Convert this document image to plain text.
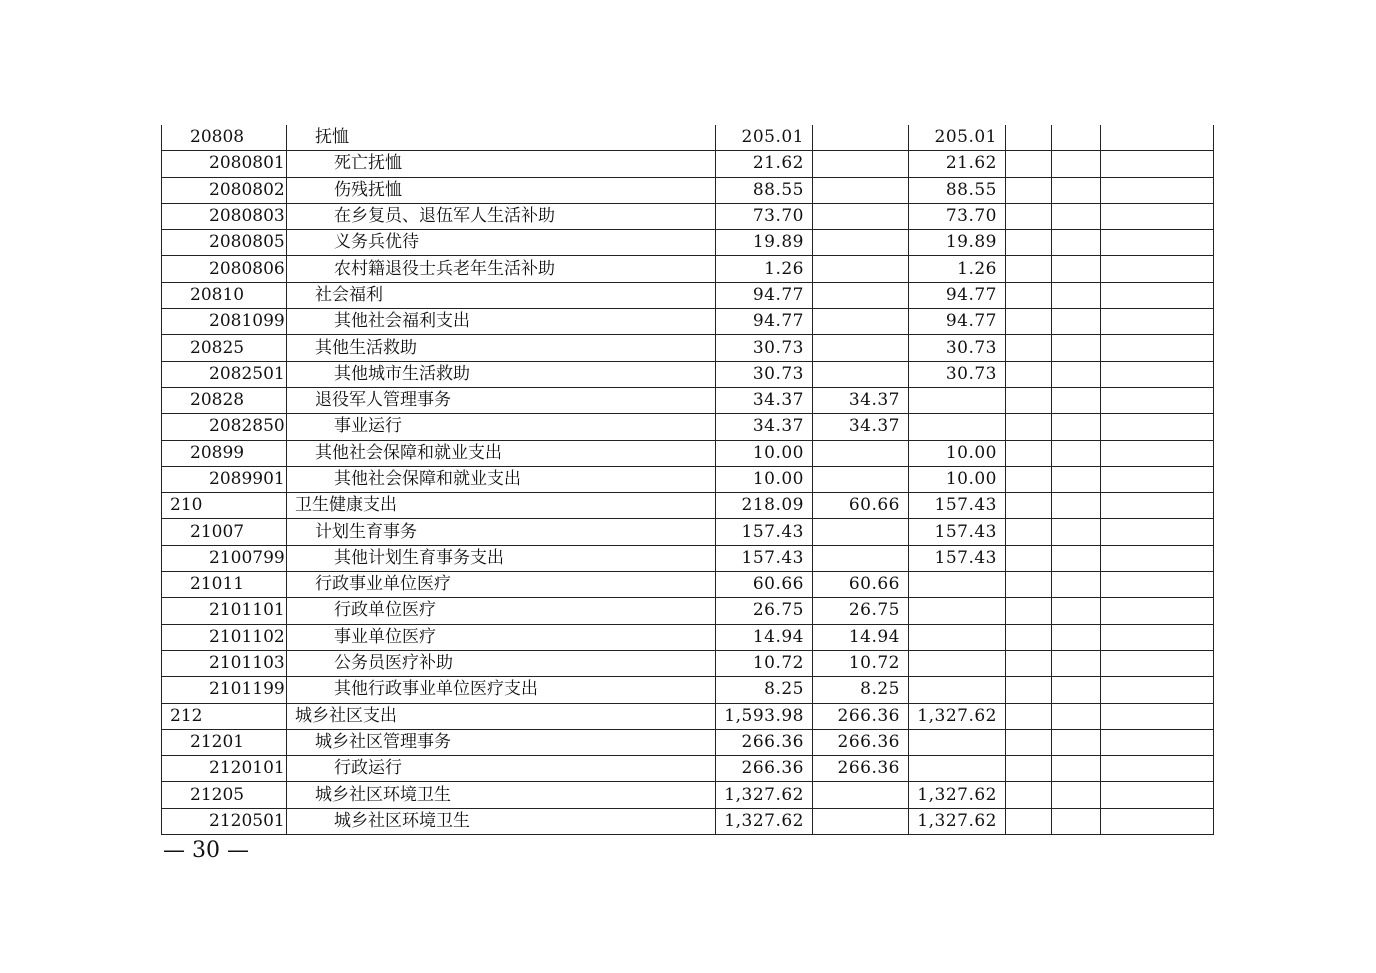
20808	抚恤	205.01		205.01			
2080801	死亡抚恤	21.62		21.62			
2080802	伤残抚恤	88.55		88.55			
2080803	在乡复员、退伍军人生活补助	73.70		73.70			
2080805	义务兵优待	19.89		19.89			
2080806	农村籍退役士兵老年生活补助	1.26		1.26			
20810	社会福利	94.77		94.77			
2081099	其他社会福利支出	94.77		94.77			
20825	其他生活救助	30.73		30.73			
2082501	其他城市生活救助	30.73		30.73			
20828	退役军人管理事务	34.37	34.37				
2082850	事业运行	34.37	34.37				
20899	其他社会保障和就业支出	10.00		10.00			
2089901	其他社会保障和就业支出	10.00		10.00			
210	卫生健康支出	218.09	60.66	157.43			
21007	计划生育事务	157.43		157.43			
2100799	其他计划生育事务支出	157.43		157.43			
21011	行政事业单位医疗	60.66	60.66				
2101101	行政单位医疗	26.75	26.75				
2101102	事业单位医疗	14.94	14.94				
2101103	公务员医疗补助	10.72	10.72				
2101199	其他行政事业单位医疗支出	8.25	8.25				
212	城乡社区支出	1,593.98	266.36	1,327.62			
21201	城乡社区管理事务	266.36	266.36				
2120101	行政运行	266.36	266.36				
21205	城乡社区环境卫生	1,327.62		1,327.62			
2120501	城乡社区环境卫生	1,327.62		1,327.62			
— 30 —
